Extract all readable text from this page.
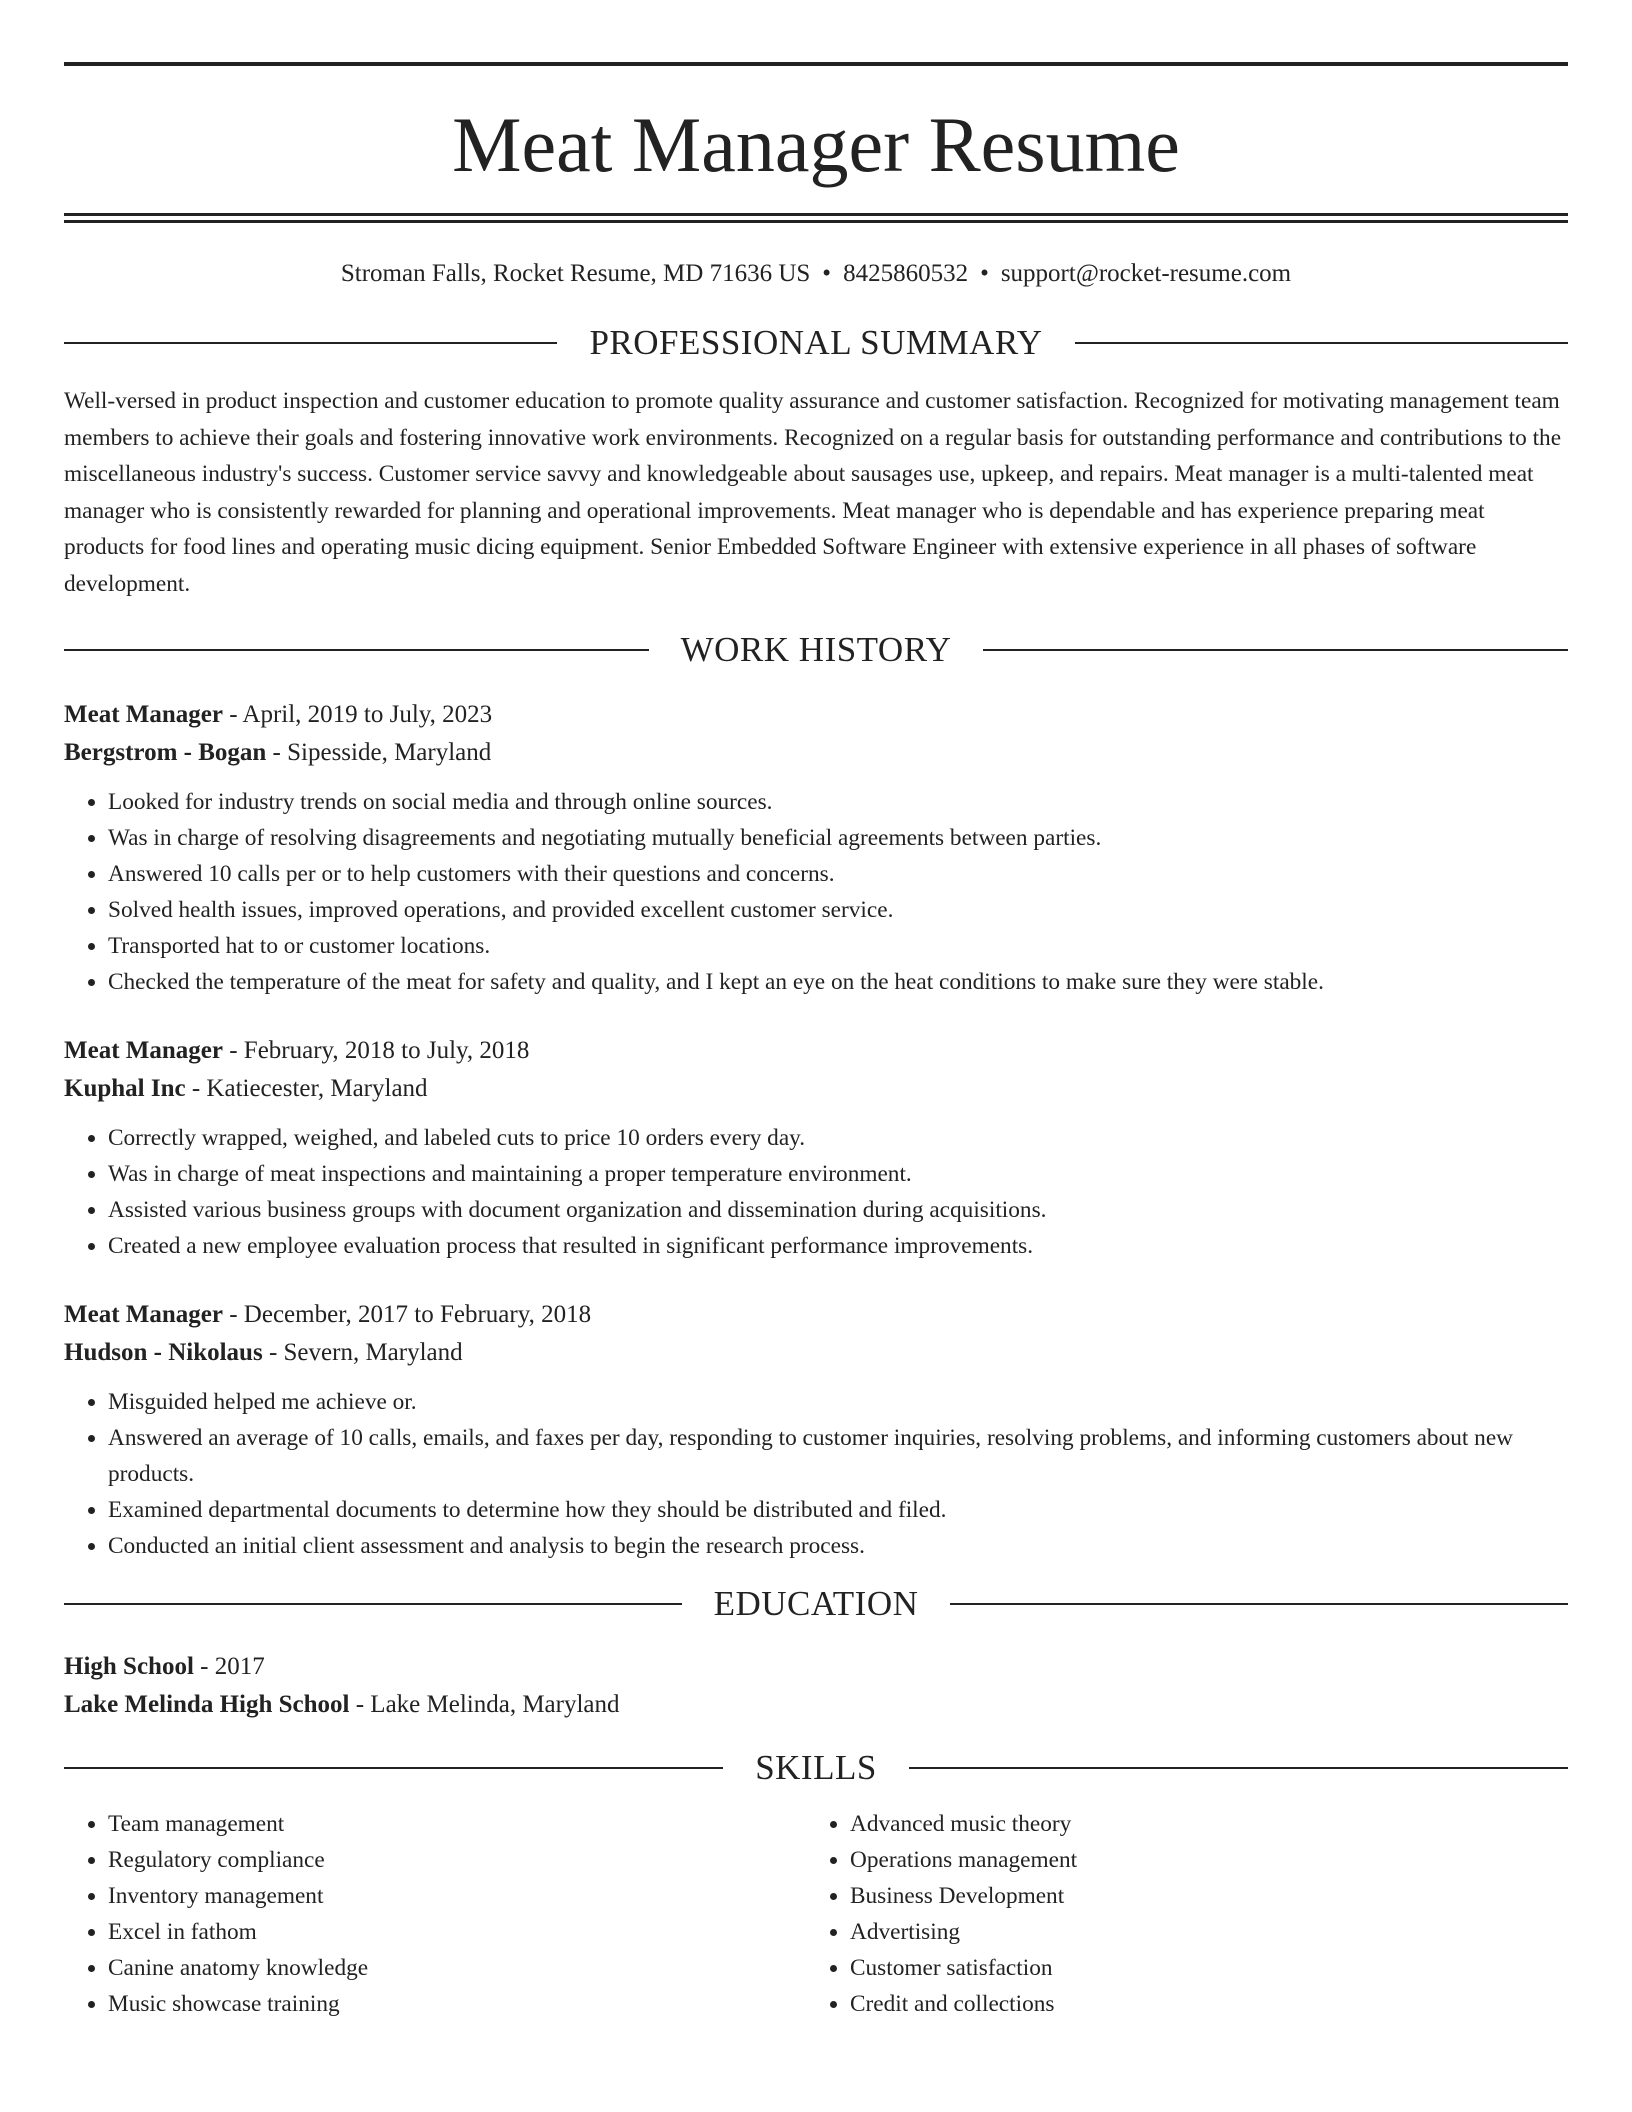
Meat Manager Resume
Stroman Falls, Rocket Resume, MD 71636 US • 8425860532 • support@rocket-resume.com
PROFESSIONAL SUMMARY

Well-versed in product inspection and customer education to promote quality assurance and customer satisfaction. Recognized for motivating management team members to achieve their goals and fostering innovative work environments. Recognized on a regular basis for outstanding performance and contributions to the miscellaneous industry's success. Customer service savvy and knowledgeable about sausages use, upkeep, and repairs. Meat manager is a multi-talented meat manager who is consistently rewarded for planning and operational improvements. Meat manager who is dependable and has experience preparing meat products for food lines and operating music dicing equipment. Senior Embedded Software Engineer with extensive experience in all phases of software development.

WORK HISTORY
Meat Manager - April, 2019 to July, 2023
Bergstrom - Bogan - Sipesside, Maryland
• Looked for industry trends on social media and through online sources.
• Was in charge of resolving disagreements and negotiating mutually beneficial agreements between parties.
• Answered 10 calls per or to help customers with their questions and concerns.
• Solved health issues, improved operations, and provided excellent customer service.
• Transported hat to or customer locations.
• Checked the temperature of the meat for safety and quality, and I kept an eye on the heat conditions to make sure they were stable.
Meat Manager - February, 2018 to July, 2018
Kuphal Inc - Katiecester, Maryland
• Correctly wrapped, weighed, and labeled cuts to price 10 orders every day.
• Was in charge of meat inspections and maintaining a proper temperature environment.
• Assisted various business groups with document organization and dissemination during acquisitions.
• Created a new employee evaluation process that resulted in significant performance improvements.
Meat Manager - December, 2017 to February, 2018
Hudson - Nikolaus - Severn, Maryland
• Misguided helped me achieve or.
• Answered an average of 10 calls, emails, and faxes per day, responding to customer inquiries, resolving problems, and informing customers about new products.
• Examined departmental documents to determine how they should be distributed and filed.
• Conducted an initial client assessment and analysis to begin the research process.
EDUCATION
High School - 2017
Lake Melinda High School - Lake Melinda, Maryland
SKILLS
• Team management
• Regulatory compliance
• Inventory management
• Excel in fathom
• Canine anatomy knowledge
• Music showcase training
• Advanced music theory
• Operations management
• Business Development
• Advertising
• Customer satisfaction
• Credit and collections
